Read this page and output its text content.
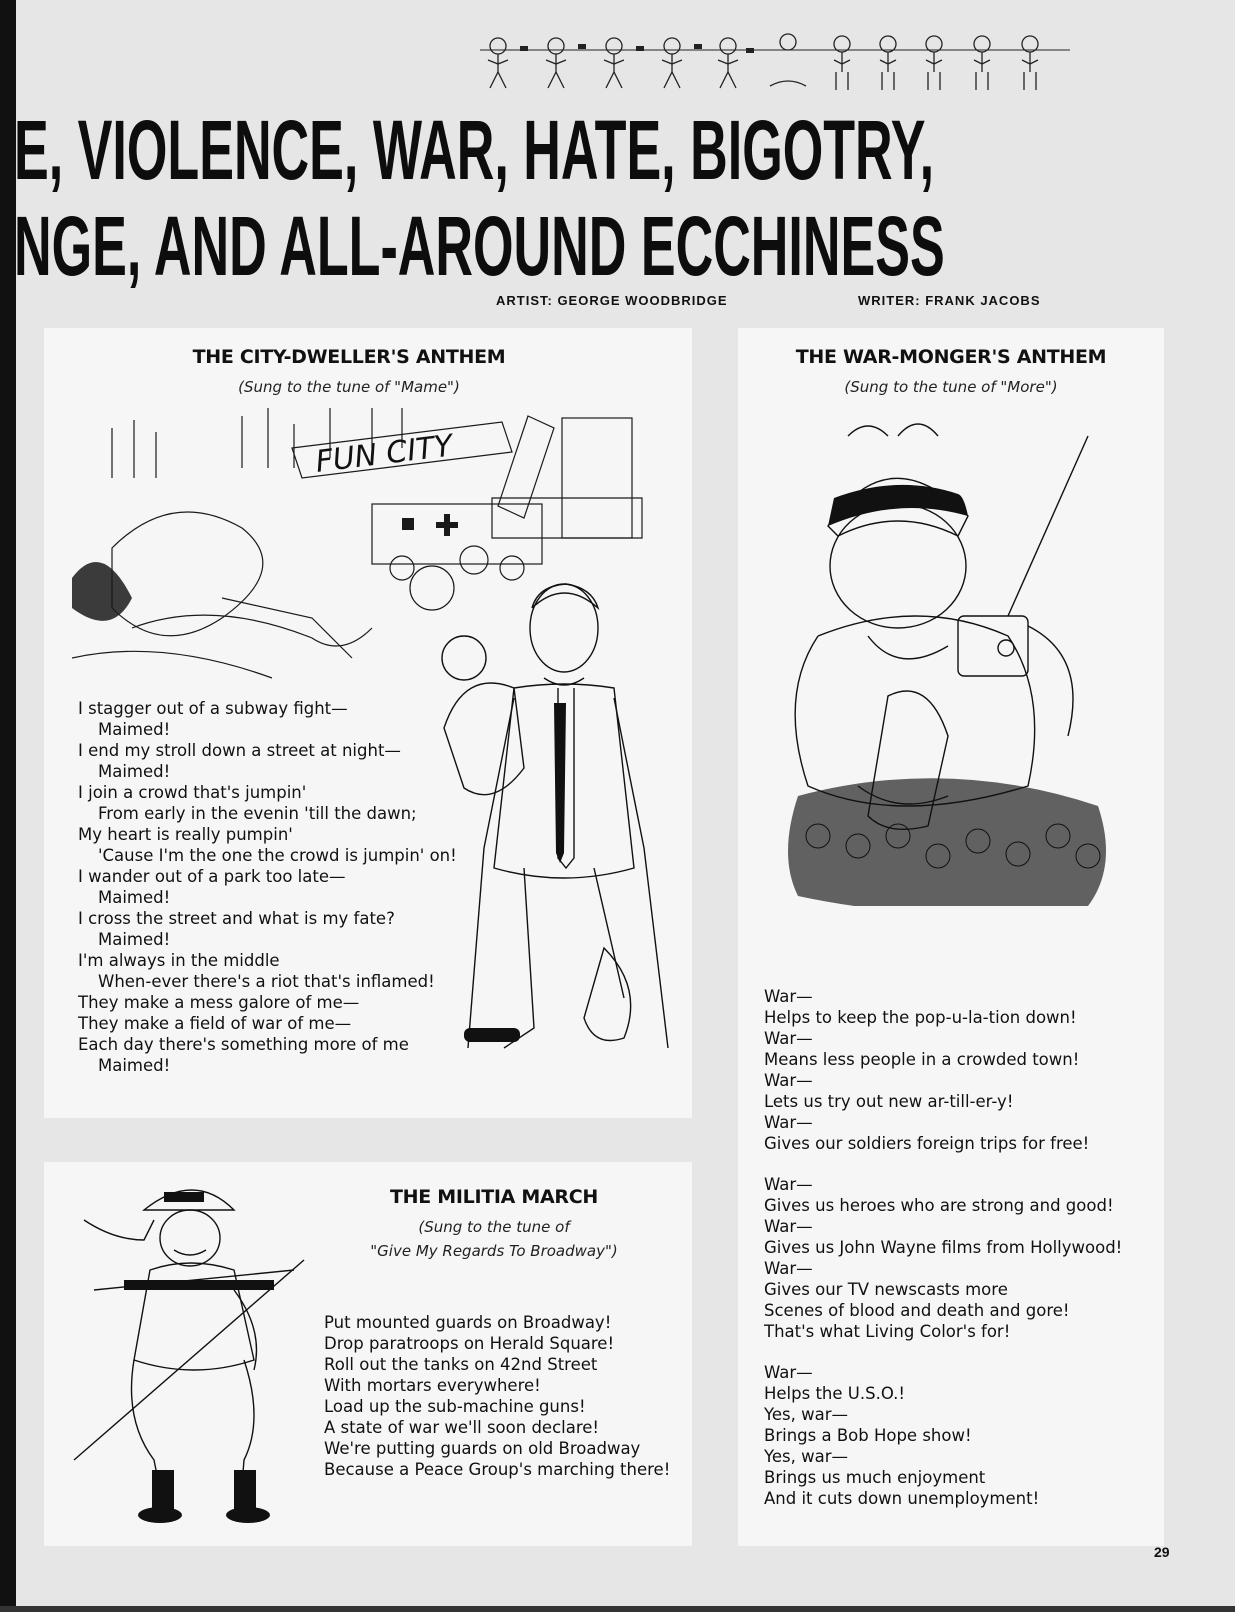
E, VIOLENCE, WAR, HATE, BIGOTRY,
NGE, AND ALL-AROUND ECCHINESS
ARTIST: GEORGE WOODBRIDGE	WRITER: FRANK JACOBS
THE CITY-DWELLER'S ANTHEM
(Sung to the tune of "Mame")
FUN CITY
I stagger out of a subway fight—
Maimed!
I end my stroll down a street at night—
Maimed!
I join a crowd that's jumpin'
From early in the evenin 'till the dawn;
My heart is really pumpin'
'Cause I'm the one the crowd is jumpin' on!
I wander out of a park too late—
Maimed!
I cross the street and what is my fate?
Maimed!
I'm always in the middle
When-ever there's a riot that's inflamed!
They make a mess galore of me—
They make a field of war of me—
Each day there's something more of me
Maimed!
THE WAR-MONGER'S ANTHEM
(Sung to the tune of "More")
War—
Helps to keep the pop-u-la-tion down!
War—
Means less people in a crowded town!
War—
Lets us try out new ar-till-er-y!
War—
Gives our soldiers foreign trips for free!
War—
Gives us heroes who are strong and good!
War—
Gives us John Wayne films from Hollywood!
War—
Gives our TV newscasts more
Scenes of blood and death and gore!
That's what Living Color's for!
War—
Helps the U.S.O.!
Yes, war—
Brings a Bob Hope show!
Yes, war—
Brings us much enjoyment
And it cuts down unemployment!
THE MILITIA MARCH
(Sung to the tune of
"Give My Regards To Broadway")
Put mounted guards on Broadway!
Drop paratroops on Herald Square!
Roll out the tanks on 42nd Street
With mortars everywhere!
Load up the sub-machine guns!
A state of war we'll soon declare!
We're putting guards on old Broadway
Because a Peace Group's marching there!
29
